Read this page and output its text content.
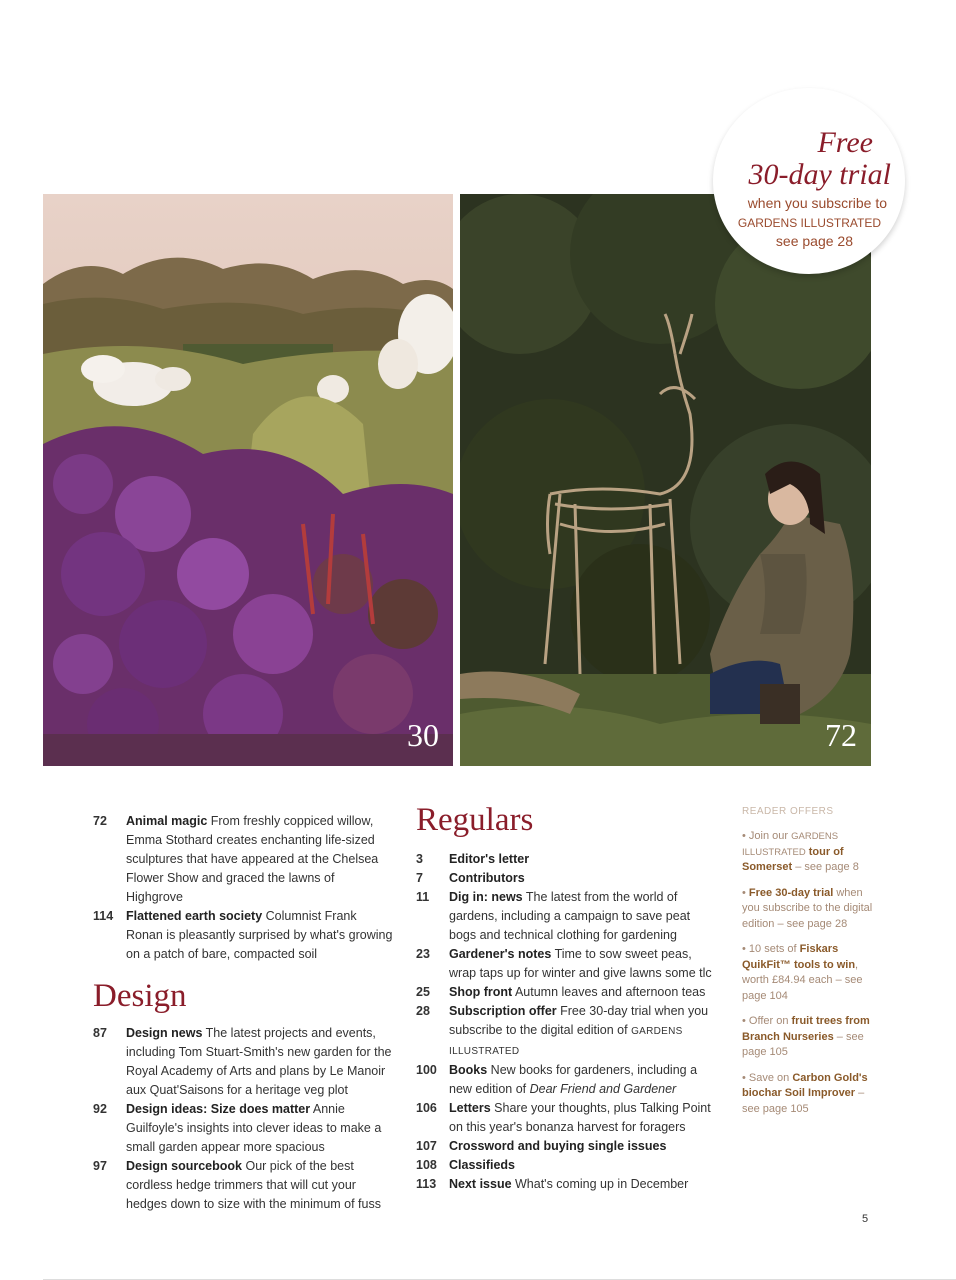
30	72
Free
30-day trial
when you subscribe to
GARDENS ILLUSTRATED
see page 28
72	Animal magic From freshly coppiced willow, Emma Stothard creates enchanting life-sized sculptures that have appeared at the Chelsea Flower Show and graced the lawns of Highgrove
114	Flattened earth society Columnist Frank Ronan is pleasantly surprised by what's growing on a patch of bare, compacted soil
Design
87	Design news The latest projects and events, including Tom Stuart-Smith's new garden for the Royal Academy of Arts and plans by Le Manoir aux Quat'Saisons for a heritage veg plot
92	Design ideas: Size does matter Annie Guilfoyle's insights into clever ideas to make a small garden appear more spacious
97	Design sourcebook Our pick of the best cordless hedge trimmers that will cut your hedges down to size with the minimum of fuss
Regulars
3	Editor's letter
7	Contributors
11	Dig in: news The latest from the world of gardens, including a campaign to save peat bogs and technical clothing for gardening
23	Gardener's notes Time to sow sweet peas, wrap taps up for winter and give lawns some tlc
25	Shop front Autumn leaves and afternoon teas
28	Subscription offer Free 30-day trial when you subscribe to the digital edition of GARDENS ILLUSTRATED
100 Books New books for gardeners, including a new edition of Dear Friend and Gardener
106 Letters Share your thoughts, plus Talking Point on this year's bonanza harvest for foragers
107 Crossword and buying single issues
108 Classifieds
113	Next issue What's coming up in December
READER OFFERS
• Join our GARDENS ILLUSTRATED tour of Somerset – see page 8
• Free 30-day trial when you subscribe to the digital edition – see page 28
• 10 sets of Fiskars QuikFit™ tools to win, worth £84.94 each – see page 104
• Offer on fruit trees from Branch Nurseries – see page 105
• Save on Carbon Gold's biochar Soil Improver – see page 105
5
